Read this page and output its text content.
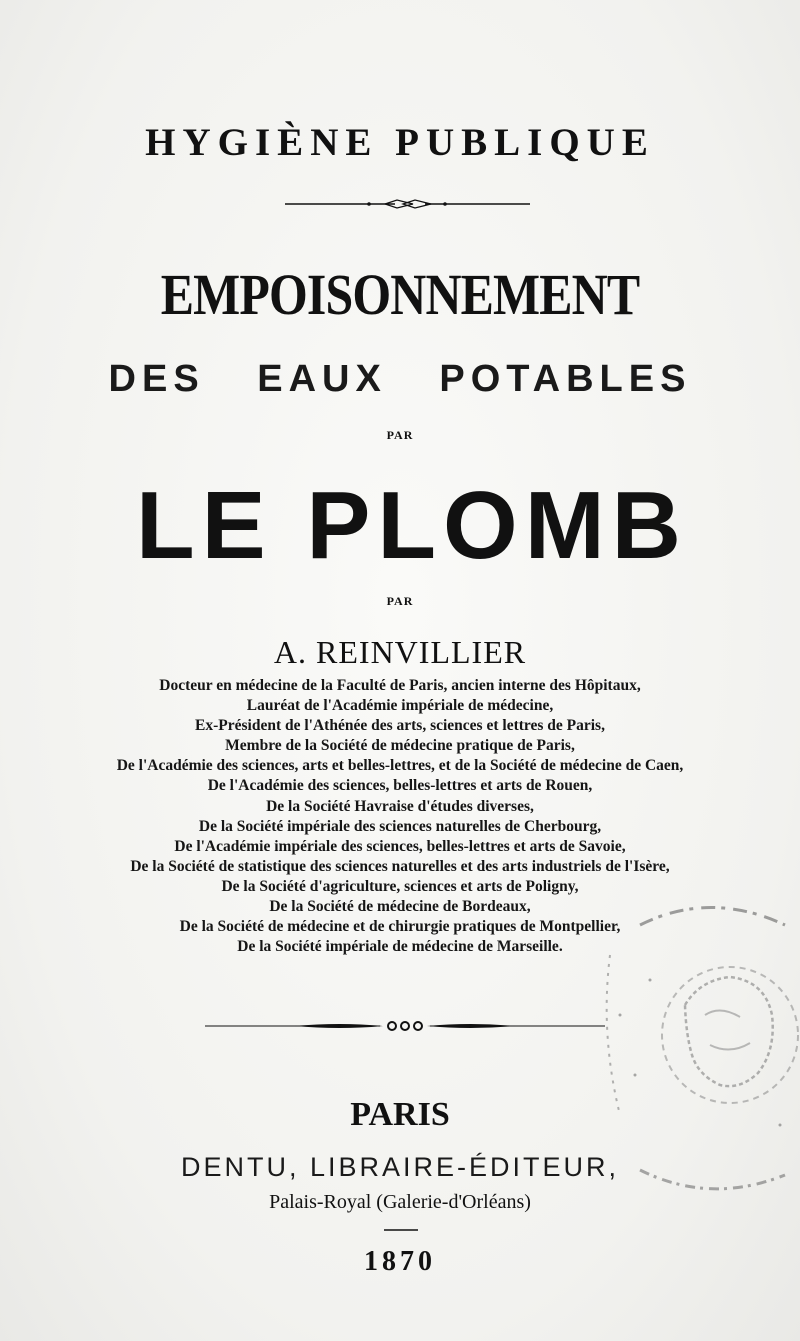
HYGIÈNE PUBLIQUE

EMPOISONNEMENT

DES EAUX POTABLES

PAR

LE PLOMB

PAR

A. REINVILLIER

Docteur en médecine de la Faculté de Paris, ancien interne des Hôpitaux,
Lauréat de l'Académie impériale de médecine,
Ex-Président de l'Athénée des arts, sciences et lettres de Paris,
Membre de la Société de médecine pratique de Paris,
De l'Académie des sciences, arts et belles-lettres, et de la Société de médecine de Caen,
De l'Académie des sciences, belles-lettres et arts de Rouen,
De la Société Havraise d'études diverses,
De la Société impériale des sciences naturelles de Cherbourg,
De l'Académie impériale des sciences, belles-lettres et arts de Savoie,
De la Société de statistique des sciences naturelles et des arts industriels de l'Isère,
De la Société d'agriculture, sciences et arts de Poligny,
De la Société de médecine de Bordeaux,
De la Société de médecine et de chirurgie pratiques de Montpellier,
De la Société impériale de médecine de Marseille.

PARIS

DENTU, LIBRAIRE-ÉDITEUR,

Palais-Royal (Galerie-d'Orléans)

1870
